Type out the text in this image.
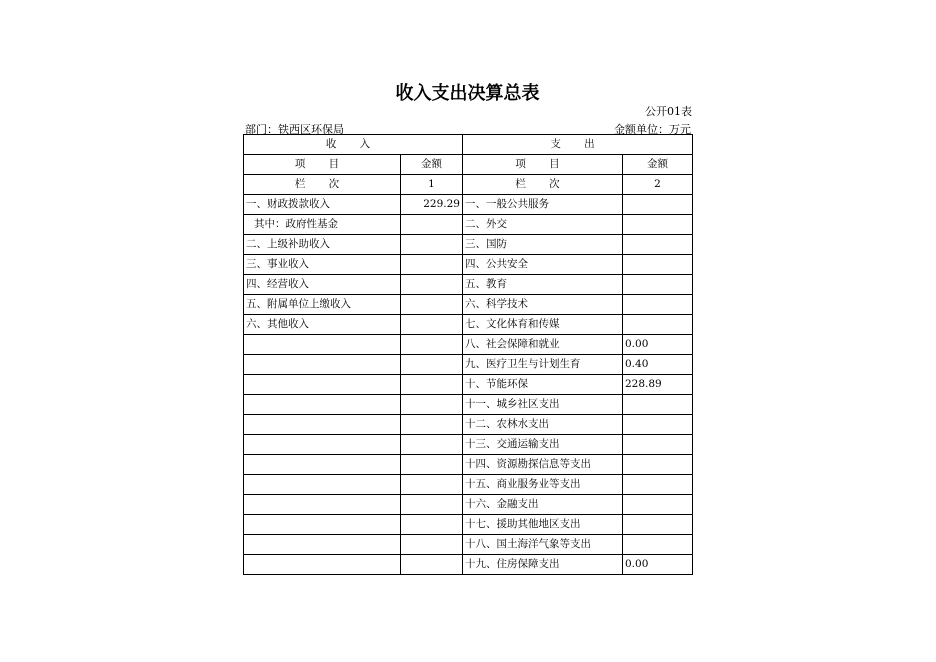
收入支出决算总表
公开01表
部门：铁西区环保局	金额单位：万元
收 入		支 出	
项 目	金额	项 目	金额
栏 次	1	栏 次	2
一、财政拨款收入	229.29	一、一般公共服务	
其中：政府性基金		二、外交	
二、上级补助收入		三、国防	
三、事业收入		四、公共安全	
四、经营收入		五、教育	
五、附属单位上缴收入		六、科学技术	
六、其他收入		七、文化体育和传媒	
		八、社会保障和就业	0.00
		九、医疗卫生与计划生育	0.40
		十、节能环保	228.89
		十一、城乡社区支出	
		十二、农林水支出	
		十三、交通运输支出	
		十四、资源勘探信息等支出	
		十五、商业服务业等支出	
		十六、金融支出	
		十七、援助其他地区支出	
		十八、国土海洋气象等支出	
		十九、住房保障支出	0.00
